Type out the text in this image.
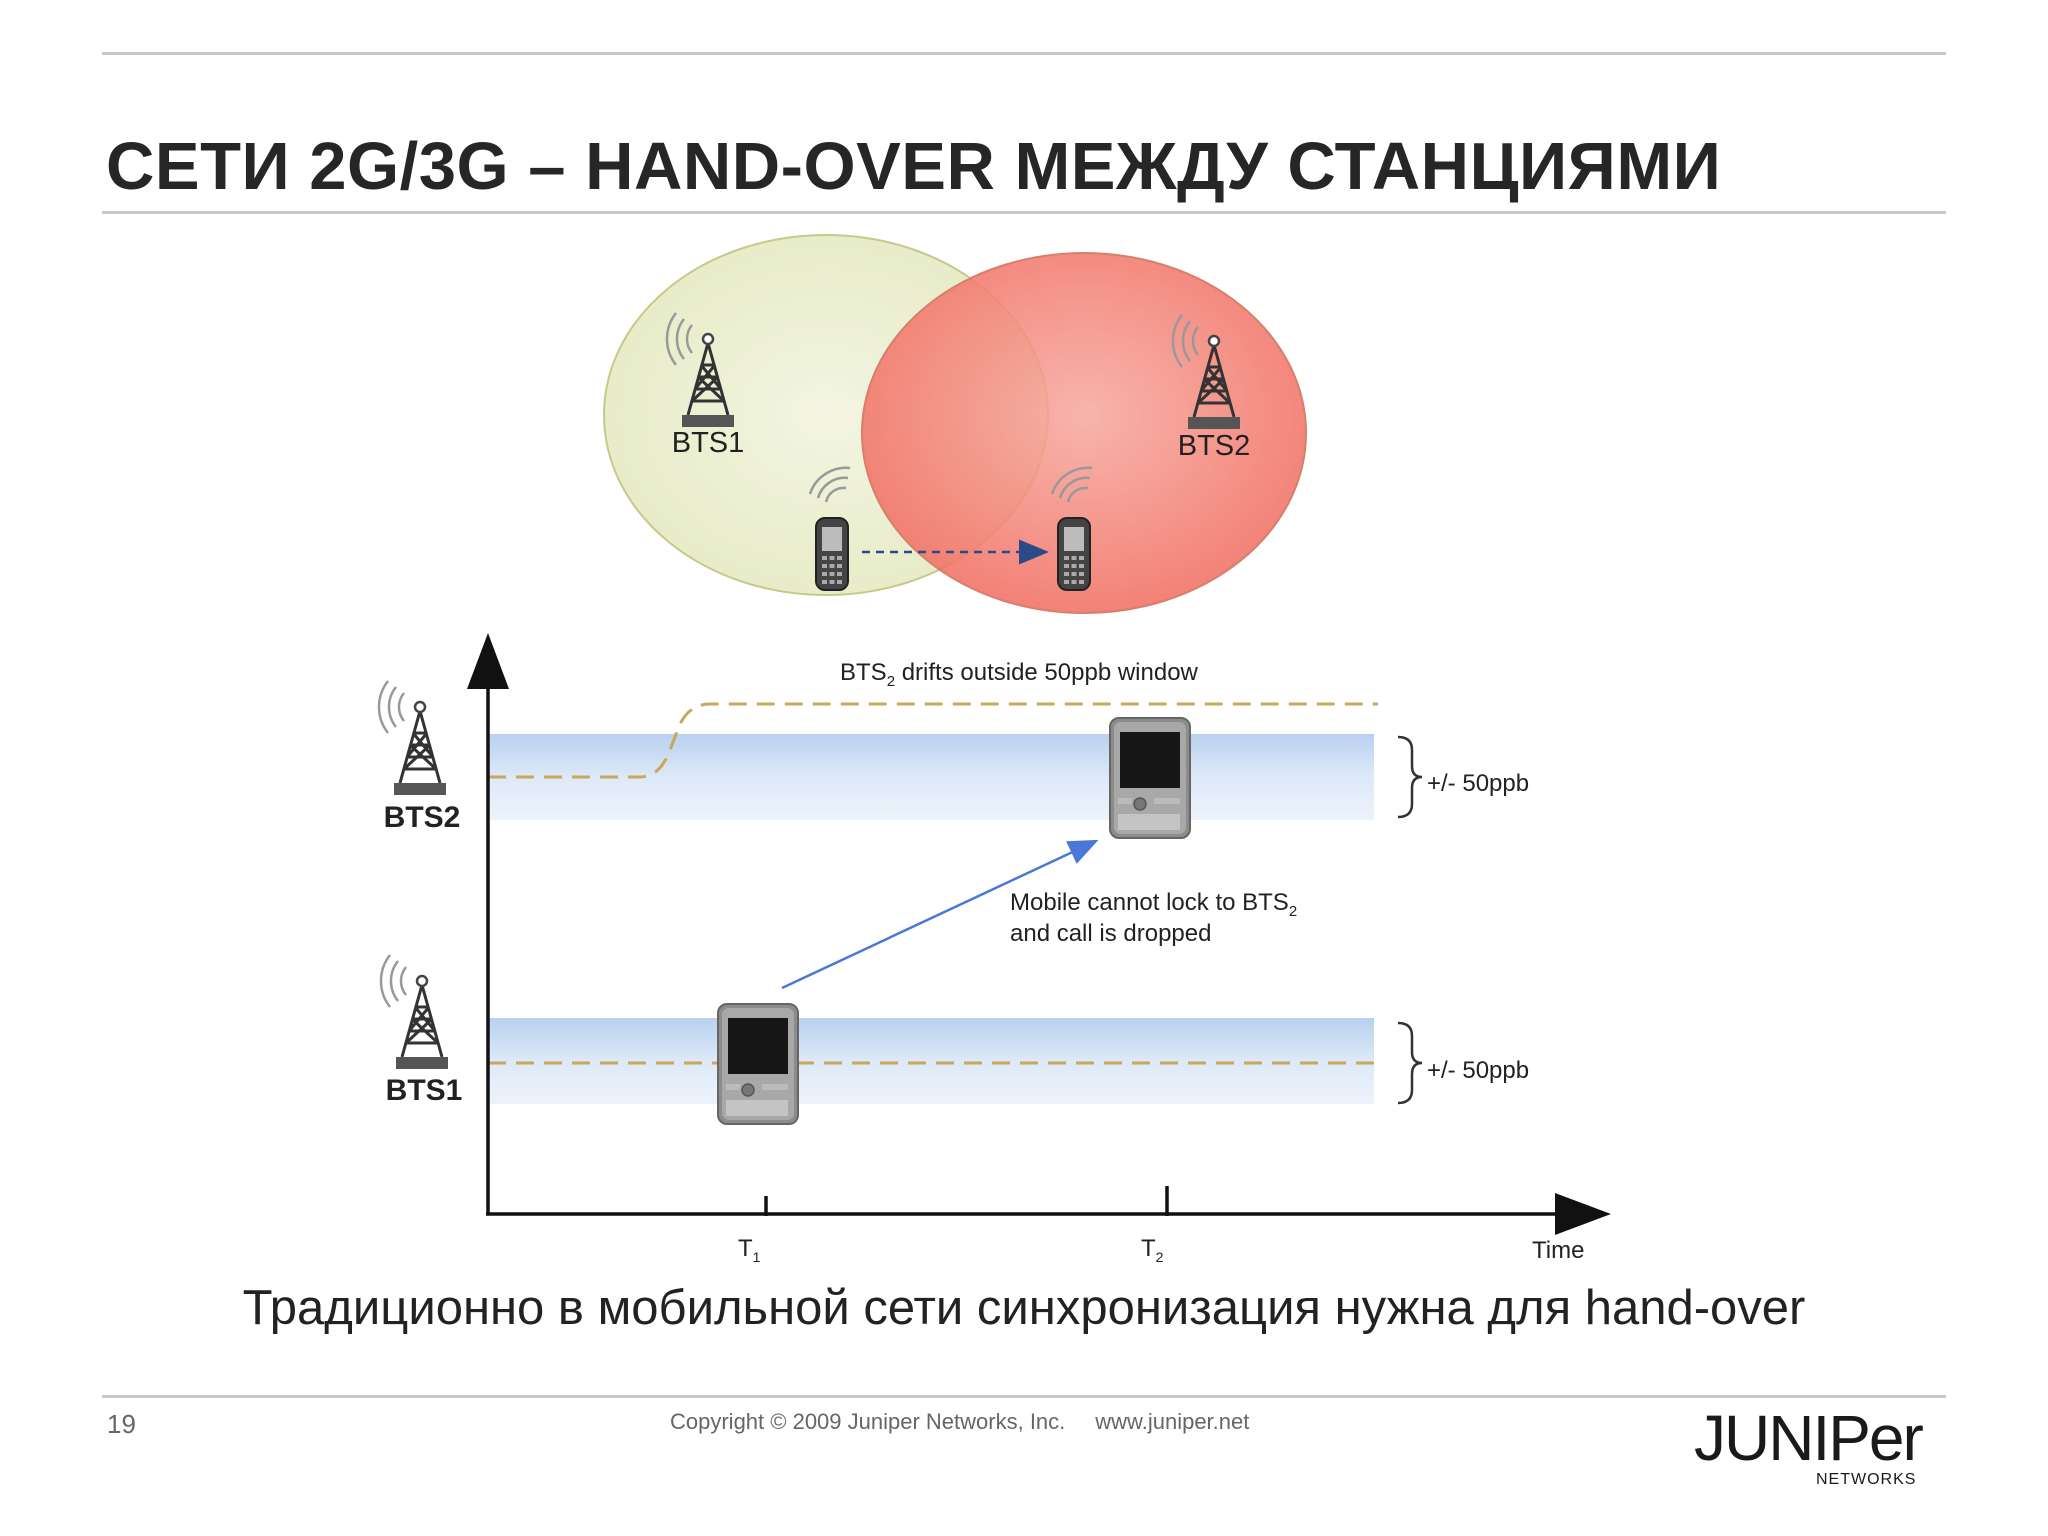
СЕТИ 2G/3G – HAND-OVER МЕЖДУ СТАНЦИЯМИ
BTS1	BTS2
$BTS_2$ drifts outside 50ppb window
+/- 50ppb
+/- 50ppb
Mobile cannot lock to $BTS_2$
and call is dropped
BTS2
BTS1
$T_1$	$T_2$	Time
Традиционно в мобильной сети синхронизация нужна для hand-over
19	Copyright © 2009 Juniper Networks, Inc. www.juniper.net	JUNIPer
NETWORKS
